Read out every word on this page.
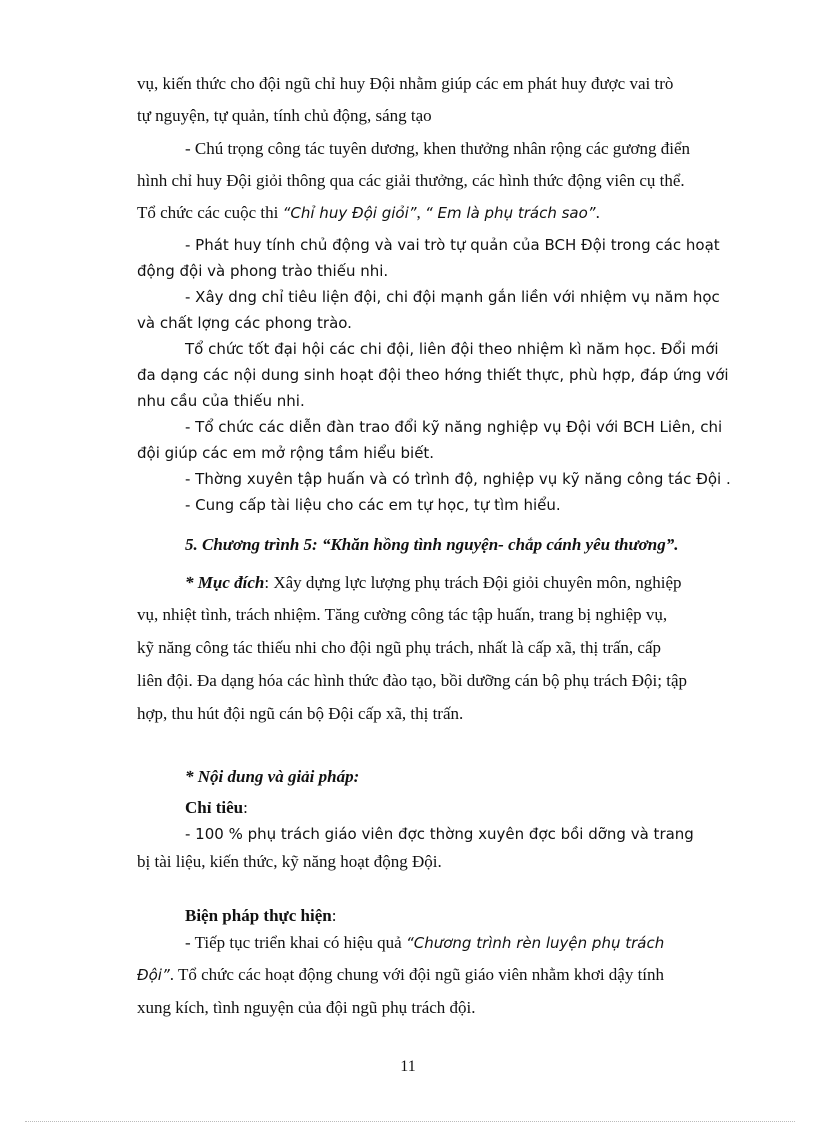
vụ, kiến thức cho đội ngũ chỉ huy Đội nhằm giúp các em phát huy được vai trò
tự nguyện, tự quản, tính chủ động, sáng tạo
- Chú trọng công tác tuyên dương, khen thưởng nhân rộng các gương điển
hình chỉ huy Đội giỏi thông qua các giải thưởng, các hình thức động viên cụ thể.
Tổ chức các cuộc thi “Chỉ huy Đội giỏi”, “ Em là phụ trách sao”.
- Phát huy tính chủ động và vai trò tự quản của BCH Đội trong các hoạt
động đội và phong trào thiếu nhi.
- Xây dng chỉ tiêu liện đội, chi đội mạnh gắn liền với nhiệm vụ năm học
và chất lợng các phong trào.
Tổ chức tốt đại hội các chi đội, liên đội theo nhiệm kì năm học. Đổi mới
đa dạng các nội dung sinh hoạt đội theo hớng thiết thực, phù hợp, đáp ứng với
nhu cầu của thiếu nhi.
- Tổ chức các diễn đàn trao đổi kỹ năng nghiệp vụ Đội với BCH Liên, chi
đội giúp các em mở rộng tầm hiểu biết.
- Thờng xuyên tập huấn và có trình độ, nghiệp vụ kỹ năng công tác Đội .
- Cung cấp tài liệu cho các em tự học, tự tìm hiểu.
5. Chương trình 5: “Khăn hồng tình nguyện- chắp cánh yêu thương”.
* Mục đích: Xây dựng lực lượng phụ trách Đội giỏi chuyên môn, nghiệp
vụ, nhiệt tình, trách nhiệm. Tăng cường công tác tập huấn, trang bị nghiệp vụ,
kỹ năng công tác thiếu nhi cho đội ngũ phụ trách, nhất là cấp xã, thị trấn, cấp
liên đội. Đa dạng hóa các hình thức đào tạo, bồi dưỡng cán bộ phụ trách Đội; tập
hợp, thu hút đội ngũ cán bộ Đội cấp xã, thị trấn.
* Nội dung và giải pháp:
Chỉ tiêu:
- 100 % phụ trách giáo viên đợc thờng xuyên đợc bồi dỡng và trang
bị tài liệu, kiến thức, kỹ năng hoạt động Đội.
Biện pháp thực hiện:
- Tiếp tục triển khai có hiệu quả “Chương trình rèn luyện phụ trách
Đội”. Tổ chức các hoạt động chung với đội ngũ giáo viên nhằm khơi dậy tính
xung kích, tình nguyện của đội ngũ phụ trách đội.
11
